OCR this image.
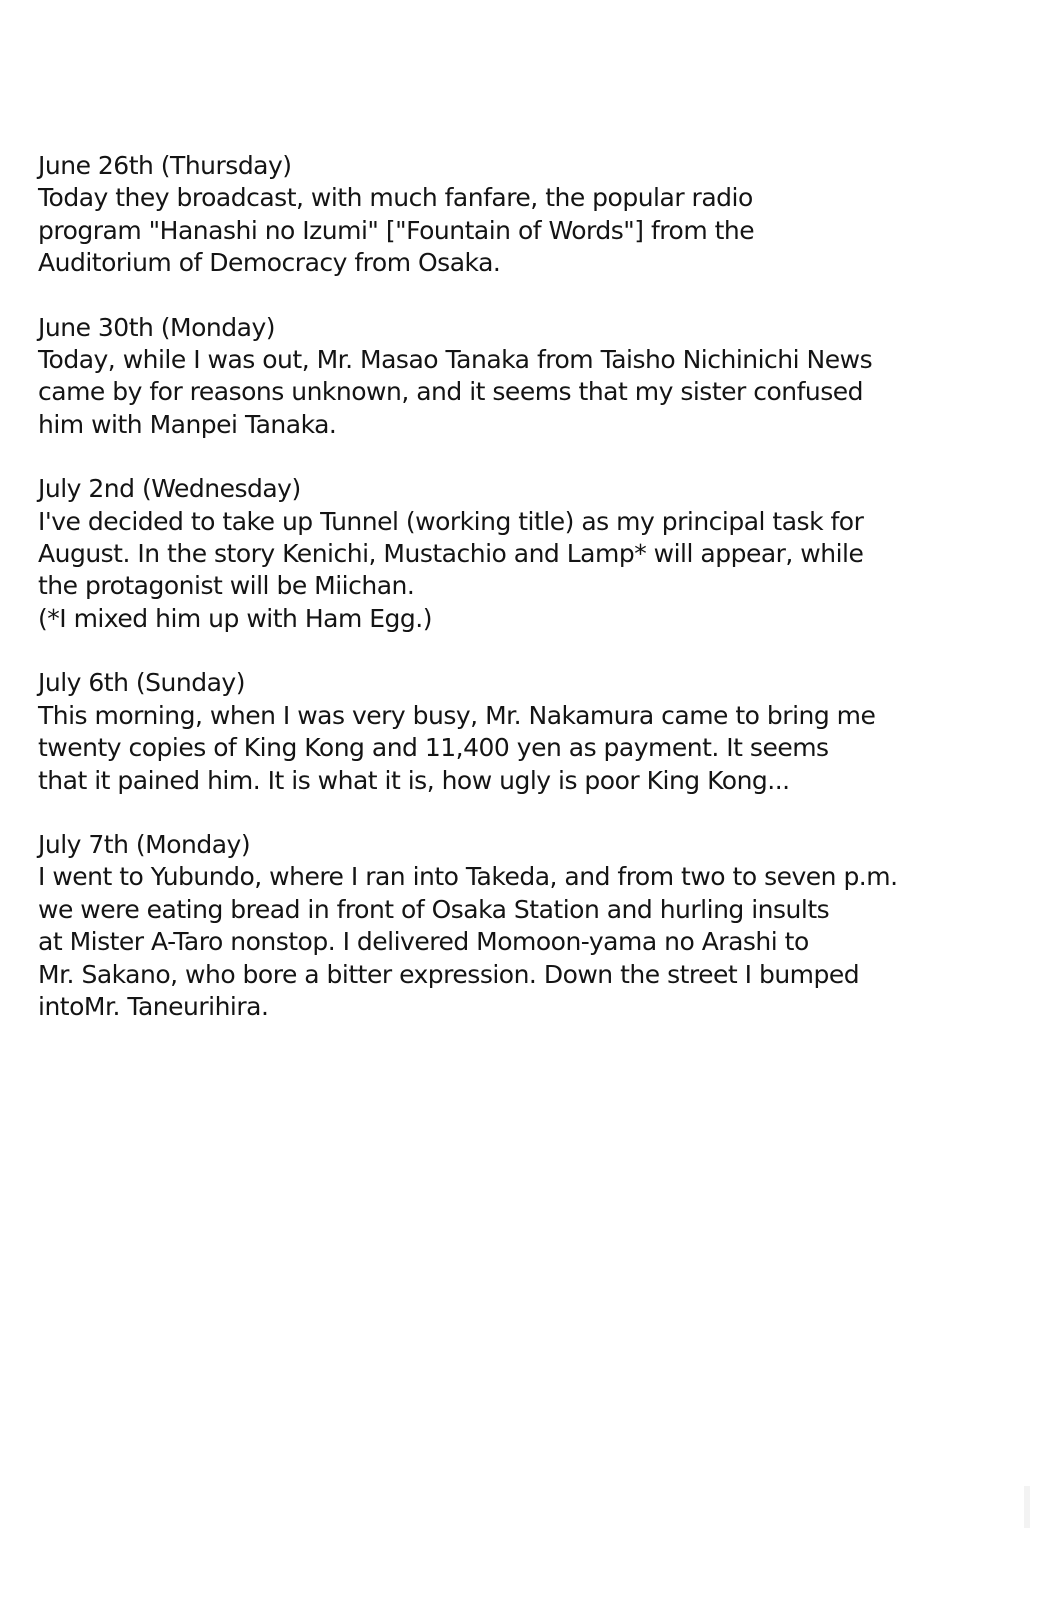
June 26th (Thursday)
Today they broadcast, with much fanfare, the popular radio
program "Hanashi no Izumi" ["Fountain of Words"] from the
Auditorium of Democracy from Osaka.
June 30th (Monday)
Today, while I was out, Mr. Masao Tanaka from Taisho Nichinichi News
came by for reasons unknown, and it seems that my sister confused
him with Manpei Tanaka.
July 2nd (Wednesday)
I've decided to take up Tunnel (working title) as my principal task for
August. In the story Kenichi, Mustachio and Lamp* will appear, while
the protagonist will be Miichan.
(*I mixed him up with Ham Egg.)
July 6th (Sunday)
This morning, when I was very busy, Mr. Nakamura came to bring me
twenty copies of King Kong and 11,400 yen as payment. It seems
that it pained him. It is what it is, how ugly is poor King Kong...
July 7th (Monday)
I went to Yubundo, where I ran into Takeda, and from two to seven p.m.
we were eating bread in front of Osaka Station and hurling insults
at Mister A-Taro nonstop. I delivered Momoon-yama no Arashi to
Mr. Sakano, who bore a bitter expression. Down the street I bumped
intoMr. Taneurihira.
